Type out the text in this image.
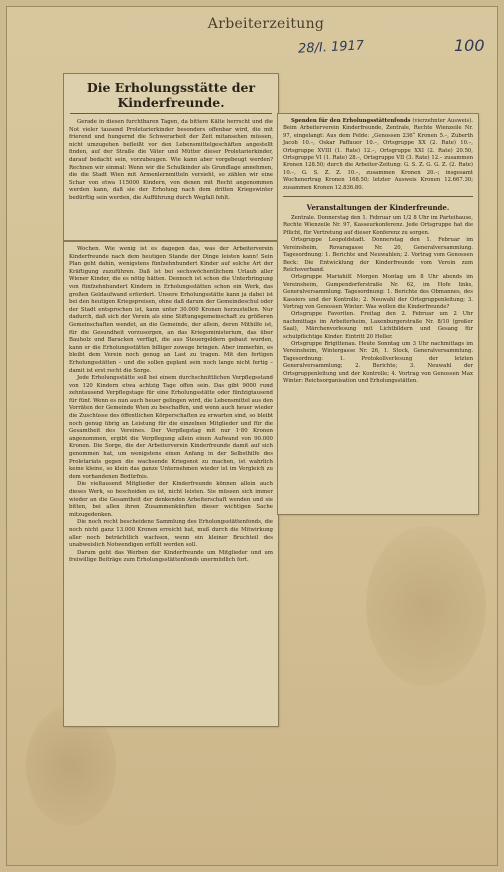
Arbeiterzeitung
28/I. 1917	100
Die Erholungsstätte der Kinderfreunde.

Gerade in diesen furchtbaren Tagen, da bittere Kälte herrscht und die Not vieler tausend Proletarierkinder besonders offenbar wird, die mit frierend und hungernd die Schwerarbeit der Zeit mitansehen müssen, nicht umzugehen befleißt vor den Lebensmittelgeschäften angestellt finden, auf der Straße die Väter und Mütter dieser Proletarierkinder, darauf bedacht sein, vorzubeugen. Wie kann aber vorgebeugt werden? Rechnen wir einmal: Wenn wir die Schulkinder als Grundlage annehmen, die die Stadt Wien mit Armenlernmitteln versieht, so zählen wir eine Schar von etwa 115000 Kindern, von denen mit Recht angenommen werden kann, daß sie der Erholung nach dem dritten Kriegswinter bedürftig sein werden, die Aufführung durch Wegfall fehlt.

Wochen. Wie wenig ist es dagegen das, was der Arbeiterverein Kinderfreunde nach dem heutigen Stande der Dinge leisten kann! Sein Plan geht dahin, wenigstens fünfzehnhundert Kinder auf solche Art der Kräftigung zuzuführen. Daß ist bei sechswöchentlichem Urlaub aller Wiener Kinder, die es nötig hätten. Dennoch ist schon die Unterbringung von fünfzehnhundert Kindern in Erholungsstätten schon ein Werk, das großen Geldaufwand erfordert. Unsere Erholungsstätte kann ja dabei ist bei den heutigen Kriegspreisen, ohne daß darum der Gemeindeschul oder der Stadt entsprochen ist, kann unter 30.000 Kronen herzustellen. Nur dadurch, daß sich der Verein als eine Stiftungsgemeinschaft zu größeren Gemeinschaften wendet, an die Gemeinde, der allein, deren Mithilfe ist, für die Gesundheit vorzusorgen, an das Kriegsministerium, das über Bauholz und Baracken verfügt, die aus Steuergeldern gebaut wurden, kann er die Erholungsstätten billiger zuwege bringen. Aber immerhin, es bleibt dem Verein noch genug an Last zu tragen. Mit den fertigen Erholungsstätten – und die sollen geplant sein noch lange nicht fertig – damit ist erst recht die Sorge.

Jede Erholungsstätte soll bei einem durchschnittlichen Verpflegsstand von 120 Kindern etwa achtzig Tage offen sein. Das gibt 9000 rund zehntausend Verpflegstage für eine Erholungsstätte oder fünfzigtausend für fünf. Wenn es nun auch heuer gelingen wird, die Lebensmittel aus den Vorräten der Gemeinde Wien zu beschaffen, und wenn auch heuer wieder die Zuschüsse des öffentlichen Körperschaften zu erwarten sind, so bleibt noch genug übrig an Leistung für die einzelnen Mitglieder und für die Gesamtheit des Vereines. Der Verpflegstag mit nur 1·80 Kronen angenommen, ergibt die Verpflegung allein einen Aufwand von 90.000 Kronen. Die Sorge, die der Arbeiterverein Kinderfreunde damit auf sich genommen hat, um wenigstens einen Anfang in der Selbsthilfe des Proletariats gegen die wachsende Kriegsnot zu machen, ist wahrlich keine kleine, so klein das ganze Unternehmen wieder ist im Vergleich zu dem vorhandenen Bedürfnis.

Die vieltausend Mitglieder der Kinderfreunde können allein auch dieses Werk, so bescheiden es ist, nicht leisten. Sie müssen sich immer wieder an die Gesamtheit der denkenden Arbeiterschaft wenden und sie bitten, bei allen ihren Zusammenkünften dieser wichtigen Sache mitzugedenken.

Die noch recht bescheidene Sammlung des Erholungsstättenfonds, die noch nicht ganz 13.000 Kronen erreicht hat, muß durch die Mitwirkung aller noch beträchtlich wachsen, wenn ein kleiner Bruchteil des unabweislich Notwendigen erfüllt werden soll.

Darum geht das Werben der Kinderfreunde um Mitglieder und um freiwillige Beiträge zum Erholungsstättenfonds unermüdlich fort.

Spenden für den Erholungsstättenfonds (vierzehnter Ausweis). Beim Arbeiterverein Kinderfreunde, Zentrale, Rechte Wienzeile Nr. 97, eingelangt: Aus dem Felde: „Genossen 236“ Kronen 5.–, Zuberth Jacob 10.–, Oskar Paffauer 10.–, Ortsgruppe XX (2. Rate) 10.–, Ortsgruppe XVIII (1. Rate) 12.–, Ortsgruppe XXI (2. Rate) 20.50, Ortsgruppe VI (1. Rate) 28.–, Ortsgruppe VII (3. Rate) 12.– zusammen Kronen 128.50; durch die Arbeiter-Zeitung: G. S. Z. G. G. Z. (2. Rate) 10.–, G. S. Z. Z. 10.–, zusammen Kronen 20.–; insgesamt Wochenertrag Kronen 168.50; letzter Ausweis Kronen 12.667.30; zusammen Kronen 12.836.80.

Veranstaltungen der Kinderfreunde.

Zentrale. Donnerstag den 1. Februar um 1/2 8 Uhr im Parteihause, Rechte Wienzeile Nr. 97, Kasseurkonferenz. Jede Ortsgruppe hat die Pflicht, für Vertretung auf dieser Konferenz zu sorgen.

Ortsgruppe Leopoldstadt. Donnerstag den 1. Februar im Vereinsheim, Rovaragasse Nr. 20, Generalversammlung. Tagesordnung: 1. Berichte und Neuwahlen; 2. Vortrag vom Genossen Beck: Die Entwicklung der Kinderfreunde vom Verein zum Reichsverband.

Ortsgruppe Mariahilf. Morgen Montag um 8 Uhr abends im Vereinsheim, Gumpendorferstraße Nr. 62, im Hofe links, Generalversammlung. Tagesordnung: 1. Berichte des Obmannes, des Kassiers und der Kontrolle; 2. Neuwahl der Ortsgruppenleitung; 3. Vortrag von Genossen Winter: Was wollen die Kinderfreunde?

Ortsgruppe Favoriten. Freitag den 2. Februar um 2 Uhr nachmittags im Arbeiterheim, Laxenburgerstraße Nr. 8/10 (großer Saal), Märchenvorlesung mit Lichtbildern und Gesang für schulpflichtige Kinder. Eintritt 20 Heller.

Ortsgruppe Brigittenau. Heute Sonntag um 3 Uhr nachmittags im Vereinsheim, Wintergasse Nr. 26, 1. Stock, Generalversammlung. Tagesordnung: 1. Protokollverlesung der letzten Generalversammlung; 2. Berichte; 3. Neuwahl der Ortsgruppenleitung und der Kontrolle; 4. Vortrag von Genossen Max Winter: Reichsorganisation und Erholungsstätten.
